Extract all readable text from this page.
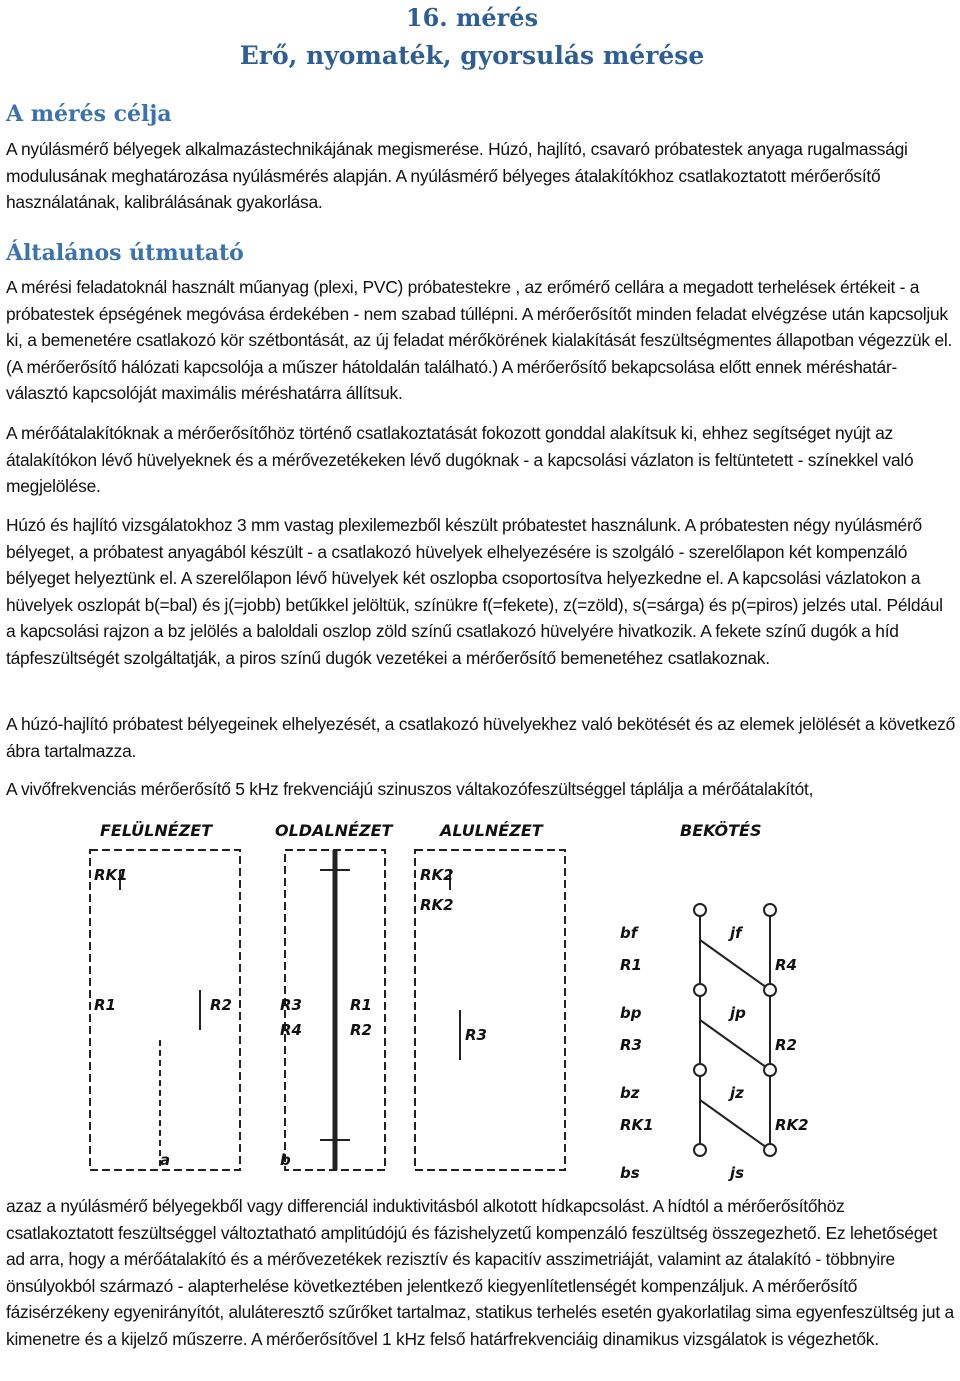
16. mérés
Erő, nyomaték, gyorsulás mérése
A mérés célja
A nyúlásmérő bélyegek alkalmazástechnikájának megismerése. Húzó, hajlító, csavaró próbatestek anyaga rugalmassági modulusának meghatározása nyúlásmérés alapján. A nyúlásmérő bélyeges átalakítókhoz csatlakoztatott mérőerősítő használatának, kalibrálásának gyakorlása.
Általános útmutató
A mérési feladatoknál használt műanyag (plexi, PVC) próbatestekre , az erőmérő cellára a megadott terhelések értékeit - a próbatestek épségének megóvása érdekében - nem szabad túllépni. A mérőerősítőt minden feladat elvégzése után kapcsoljuk ki, a bemenetére csatlakozó kör szétbontását, az új feladat mérőkörének kialakítását feszültségmentes állapotban végezzük el. (A mérőerősítő hálózati kapcsolója a műszer hátoldalán található.) A mérőerősítő bekapcsolása előtt ennek méréshatár-választó kapcsolóját maximális méréshatárra állítsuk.
A mérőátalakítóknak a mérőerősítőhöz történő csatlakoztatását fokozott gonddal alakítsuk ki, ehhez segítséget nyújt az átalakítókon lévő hüvelyeknek és a mérővezetékeken lévő dugóknak - a kapcsolási vázlaton is feltüntetett - színekkel való megjelölése.
Húzó és hajlító vizsgálatokhoz 3 mm vastag plexilemezből készült próbatestet használunk. A próbatesten négy nyúlásmérő bélyeget, a próbatest anyagából készült - a csatlakozó hüvelyek elhelyezésére is szolgáló - szerelőlapon két kompenzáló bélyeget helyeztünk el. A szerelőlapon lévő hüvelyek két oszlopba csoportosítva helyezkedne el. A kapcsolási vázlatokon a hüvelyek oszlopát b(=bal) és j(=jobb) betűkkel jelöltük, színükre f(=fekete), z(=zöld), s(=sárga) és p(=piros) jelzés utal. Például a kapcsolási rajzon a bz jelölés a baloldali oszlop zöld színű csatlakozó hüvelyére hivatkozik. A fekete színű dugók a híd tápfeszültségét szolgáltatják, a piros színű dugók vezetékei a mérőerősítő bemenetéhez csatlakoznak.
A húzó-hajlító próbatest bélyegeinek elhelyezését, a csatlakozó hüvelyekhez való bekötését és az elemek jelölését a következő ábra tartalmazza.
A vivőfrekvenciás mérőerősítő 5 kHz frekvenciájú szinuszos váltakozófeszültséggel táplálja a mérőátalakítót,
FELÜLNÉZET	OLDALNÉZET	ALULNÉZET	BEKÖTÉS
RK1	RK2
RK2
R1	R2	R3
R4
R1
R2	R3
a	b
bf	jf
R1	R4
bp	jp
R3	R2
bz	jz
RK1	RK2
bs	js
azaz a nyúlásmérő bélyegekből vagy differenciál induktivitásból alkotott hídkapcsolást. A hídtól a mérőerősítőhöz csatlakoztatott feszültséggel változtatható amplitúdójú és fázishelyzetű kompenzáló feszültség összegezhető. Ez lehetőséget ad arra, hogy a mérőátalakító és a mérővezetékek rezisztív és kapacitív asszimetriáját, valamint az átalakító - többnyire önsúlyokból származó - alapterhelése következtében jelentkező kiegyenlítetlenségét kompenzáljuk. A mérőerősítő fázisérzékeny egyenirányítót, aluláteresztő szűrőket tartalmaz, statikus terhelés esetén gyakorlatilag sima egyenfeszültség jut a kimenetre és a kijelző műszerre. A mérőerősítővel 1 kHz felső határfrekvenciáig dinamikus vizsgálatok is végezhetők.
